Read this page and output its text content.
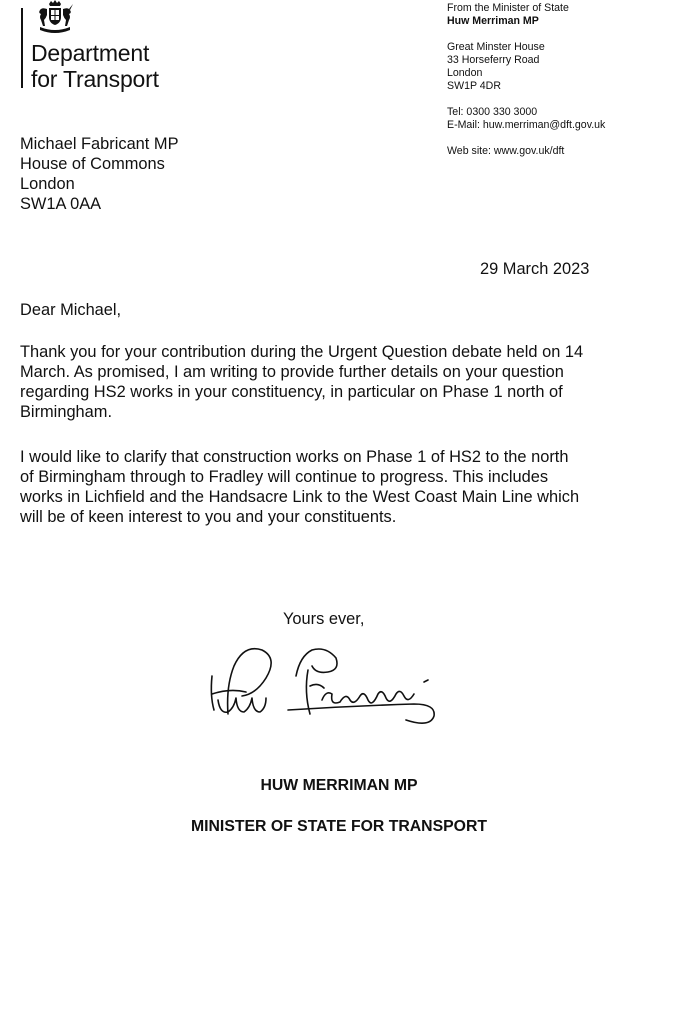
Department
for Transport
From the Minister of State
Huw Merriman MP
Great Minster House
33 Horseferry Road
London
SW1P 4DR
Tel: 0300 330 3000
E-Mail: huw.merriman@dft.gov.uk
Web site: www.gov.uk/dft
Michael Fabricant MP
House of Commons
London
SW1A 0AA
29 March 2023
Dear Michael,
Thank you for your contribution during the Urgent Question debate held on 14
March. As promised, I am writing to provide further details on your question
regarding HS2 works in your constituency, in particular on Phase 1 north of
Birmingham.
I would like to clarify that construction works on Phase 1 of HS2 to the north
of Birmingham through to Fradley will continue to progress. This includes
works in Lichfield and the Handsacre Link to the West Coast Main Line which
will be of keen interest to you and your constituents.
Yours ever,
HUW MERRIMAN MP
MINISTER OF STATE FOR TRANSPORT
